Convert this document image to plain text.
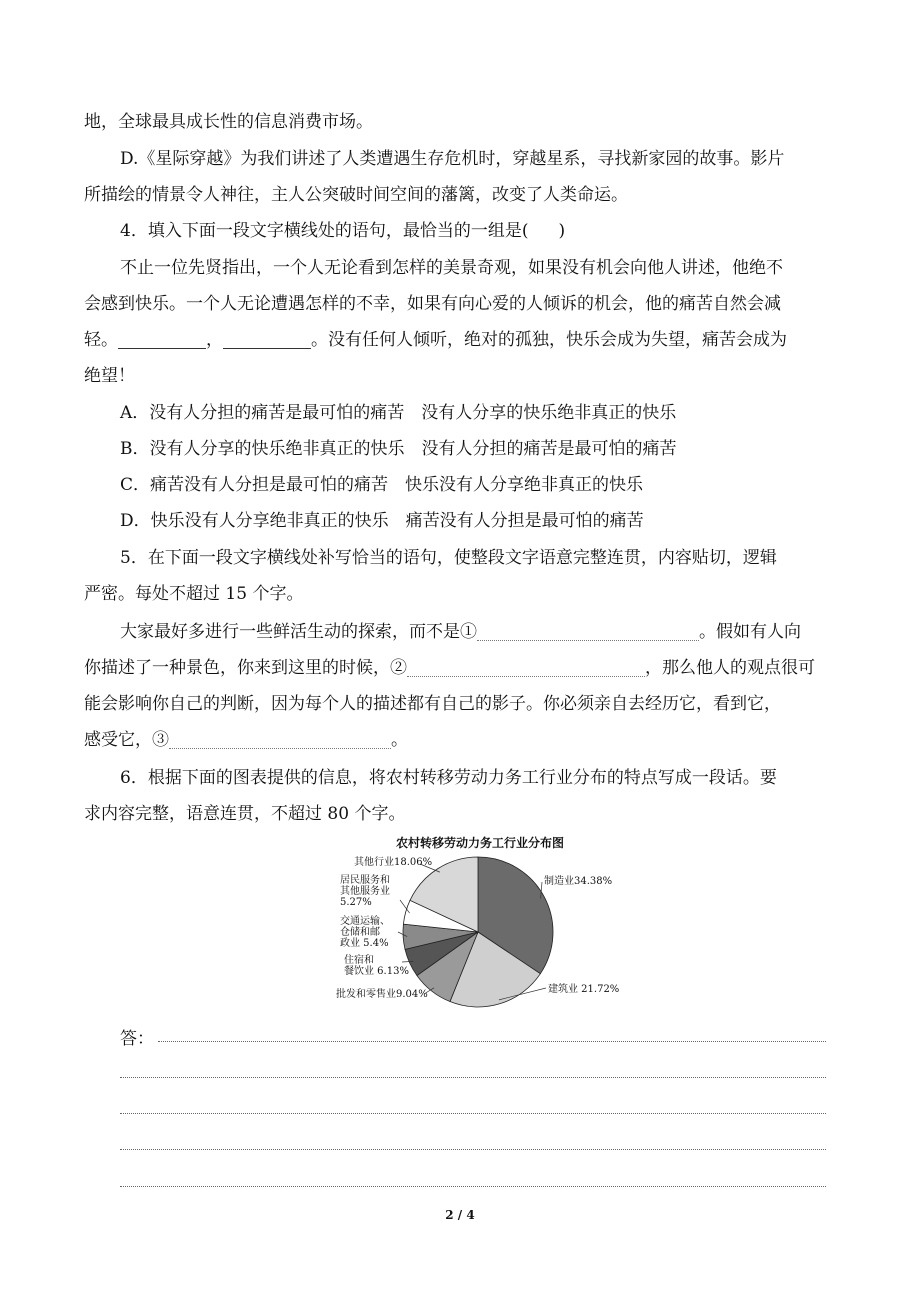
地，全球最具成长性的信息消费市场。
D.《星际穿越》为我们讲述了人类遭遇生存危机时，穿越星系，寻找新家园的故事。影片
所描绘的情景令人神往，主人公突破时间空间的藩篱，改变了人类命运。
4．填入下面一段文字横线处的语句，最恰当的一组是( )
不止一位先贤指出，一个人无论看到怎样的美景奇观，如果没有机会向他人讲述，他绝不
会感到快乐。一个人无论遭遇怎样的不幸，如果有向心爱的人倾诉的机会，他的痛苦自然会减
轻。	，	。没有任何人倾听，绝对的孤独，快乐会成为失望，痛苦会成为
绝望！
A．没有人分担的痛苦是最可怕的痛苦　没有人分享的快乐绝非真正的快乐
B．没有人分享的快乐绝非真正的快乐　没有人分担的痛苦是最可怕的痛苦
C．痛苦没有人分担是最可怕的痛苦　快乐没有人分享绝非真正的快乐
D．快乐没有人分享绝非真正的快乐　痛苦没有人分担是最可怕的痛苦
5．在下面一段文字横线处补写恰当的语句，使整段文字语意完整连贯，内容贴切，逻辑
严密。每处不超过 15 个字。
大家最好多进行一些鲜活生动的探索，而不是①	。假如有人向
你描述了一种景色，你来到这里的时候，②	，那么他人的观点很可
能会影响你自己的判断，因为每个人的描述都有自己的影子。你必须亲自去经历它，看到它，
感受它，③	。
6．根据下面的图表提供的信息，将农村转移劳动力务工行业分布的特点写成一段话。要
求内容完整，语意连贯，不超过 80 个字。
农村转移劳动力务工行业分布图
制造业34.38%
建筑业 21.72%
批发和零售业9.04%
住宿和餐饮业 6.13%
交通运输、仓储和邮政业 5.4%
居民服务和其他服务业 5.27%
其他行业18.06%
答：
2 / 4
